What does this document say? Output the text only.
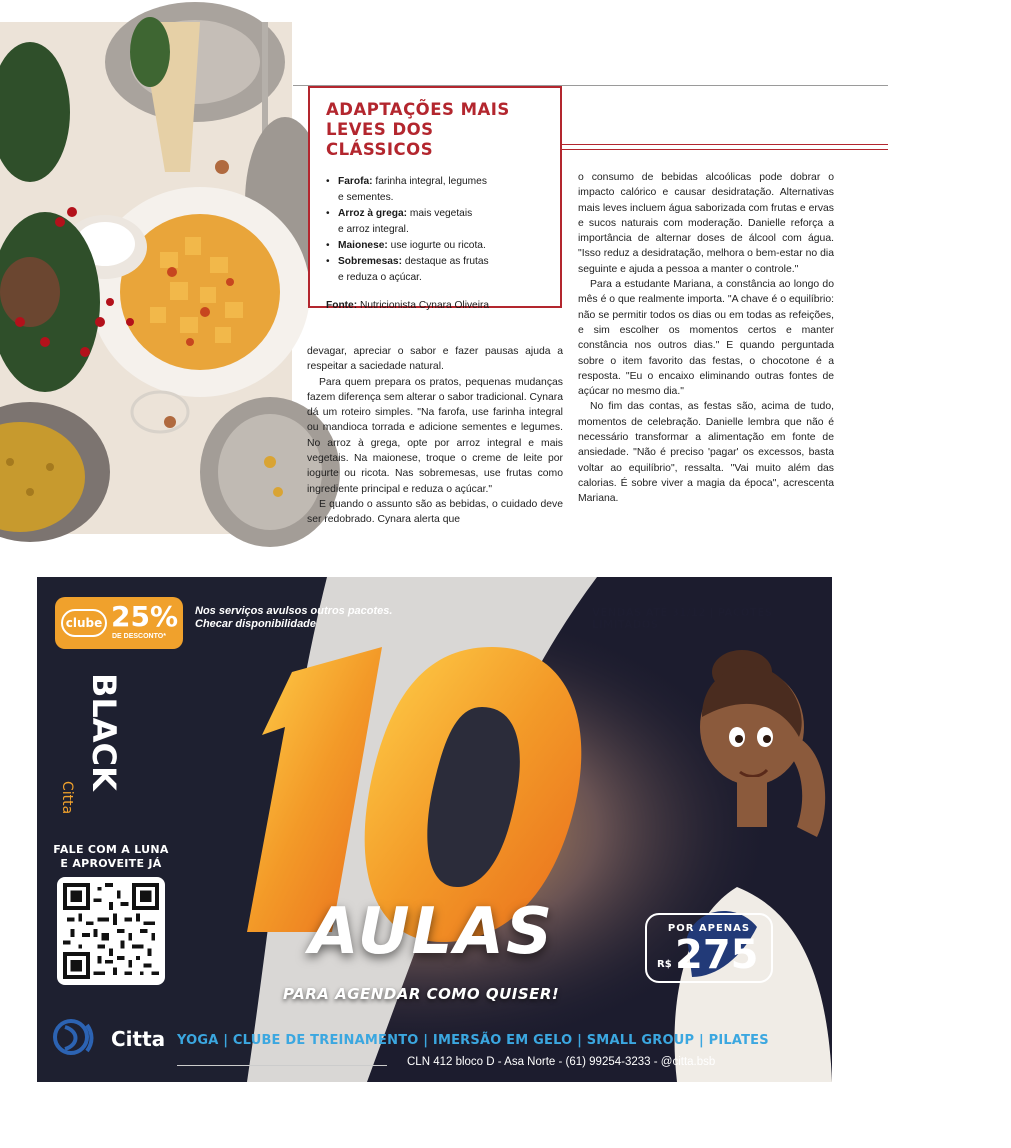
ADAPTAÇÕES MAIS
LEVES DOS CLÁSSICOS
• Farofa: farinha integral, legumes
e sementes.
• Arroz à grega: mais vegetais
e arroz integral.
• Maionese: use iogurte ou ricota.
• Sobremesas: destaque as frutas
e reduza o açúcar.
Fonte: Nutricionista Cynara Oliveira

devagar, apreciar o sabor e fazer pausas ajuda a respeitar a saciedade natural.

Para quem prepara os pratos, pequenas mudanças fazem diferença sem alterar o sabor tradicional. Cynara dá um roteiro simples. "Na farofa, use farinha integral ou mandioca torrada e adicione sementes e legumes. No arroz à grega, opte por arroz integral e mais vegetais. Na maionese, troque o creme de leite por iogurte ou ricota. Nas sobremesas, use frutas como ingrediente principal e reduza o açúcar."

E quando o assunto são as bebidas, o cuidado deve ser redobrado. Cynara alerta que

o consumo de bebidas alcoólicas pode dobrar o impacto calórico e causar desidratação. Alternativas mais leves incluem água saborizada com frutas e ervas e sucos naturais com moderação. Danielle reforça a importância de alternar doses de álcool com água. "Isso reduz a desidratação, melhora o bem-estar no dia seguinte e ajuda a pessoa a manter o controle."

Para a estudante Mariana, a constância ao longo do mês é o que realmente importa. "A chave é o equilíbrio: não se permitir todos os dias ou em todas as refeições, e sim escolher os momentos certos e manter constância nos outros dias." E quando perguntada sobre o item favorito das festas, o chocotone é a resposta. "Eu o encaixo eliminando outras fontes de açúcar no mesmo dia."

No fim das contas, as festas são, acima de tudo, momentos de celebração. Danielle lembra que não é necessário transformar a alimentação em fonte de ansiedade. "Não é preciso 'pagar' os excessos, basta voltar ao equilíbrio", ressalta. "Vai muito além das calorias. É sobre viver a magia da época", acrescenta Mariana.

clube 25%
DE DESCONTO*
Nos serviços avulsos outros pacotes.
Checar disponibilidade
VENDAS ATÉ 31/12 | PACOTES LIMITADOS
BLACK
Citta
FALE COM A LUNA
E APROVEITE JÁ
AULAS
PARA AGENDAR COMO QUISER!
POR APENAS
R$ 275
Citta YOGA | CLUBE DE TREINAMENTO | IMERSÃO EM GELO | SMALL GROUP | PILATES
CLN 412 bloco D - Asa Norte - (61) 99254-3233 - @citta.bsb
